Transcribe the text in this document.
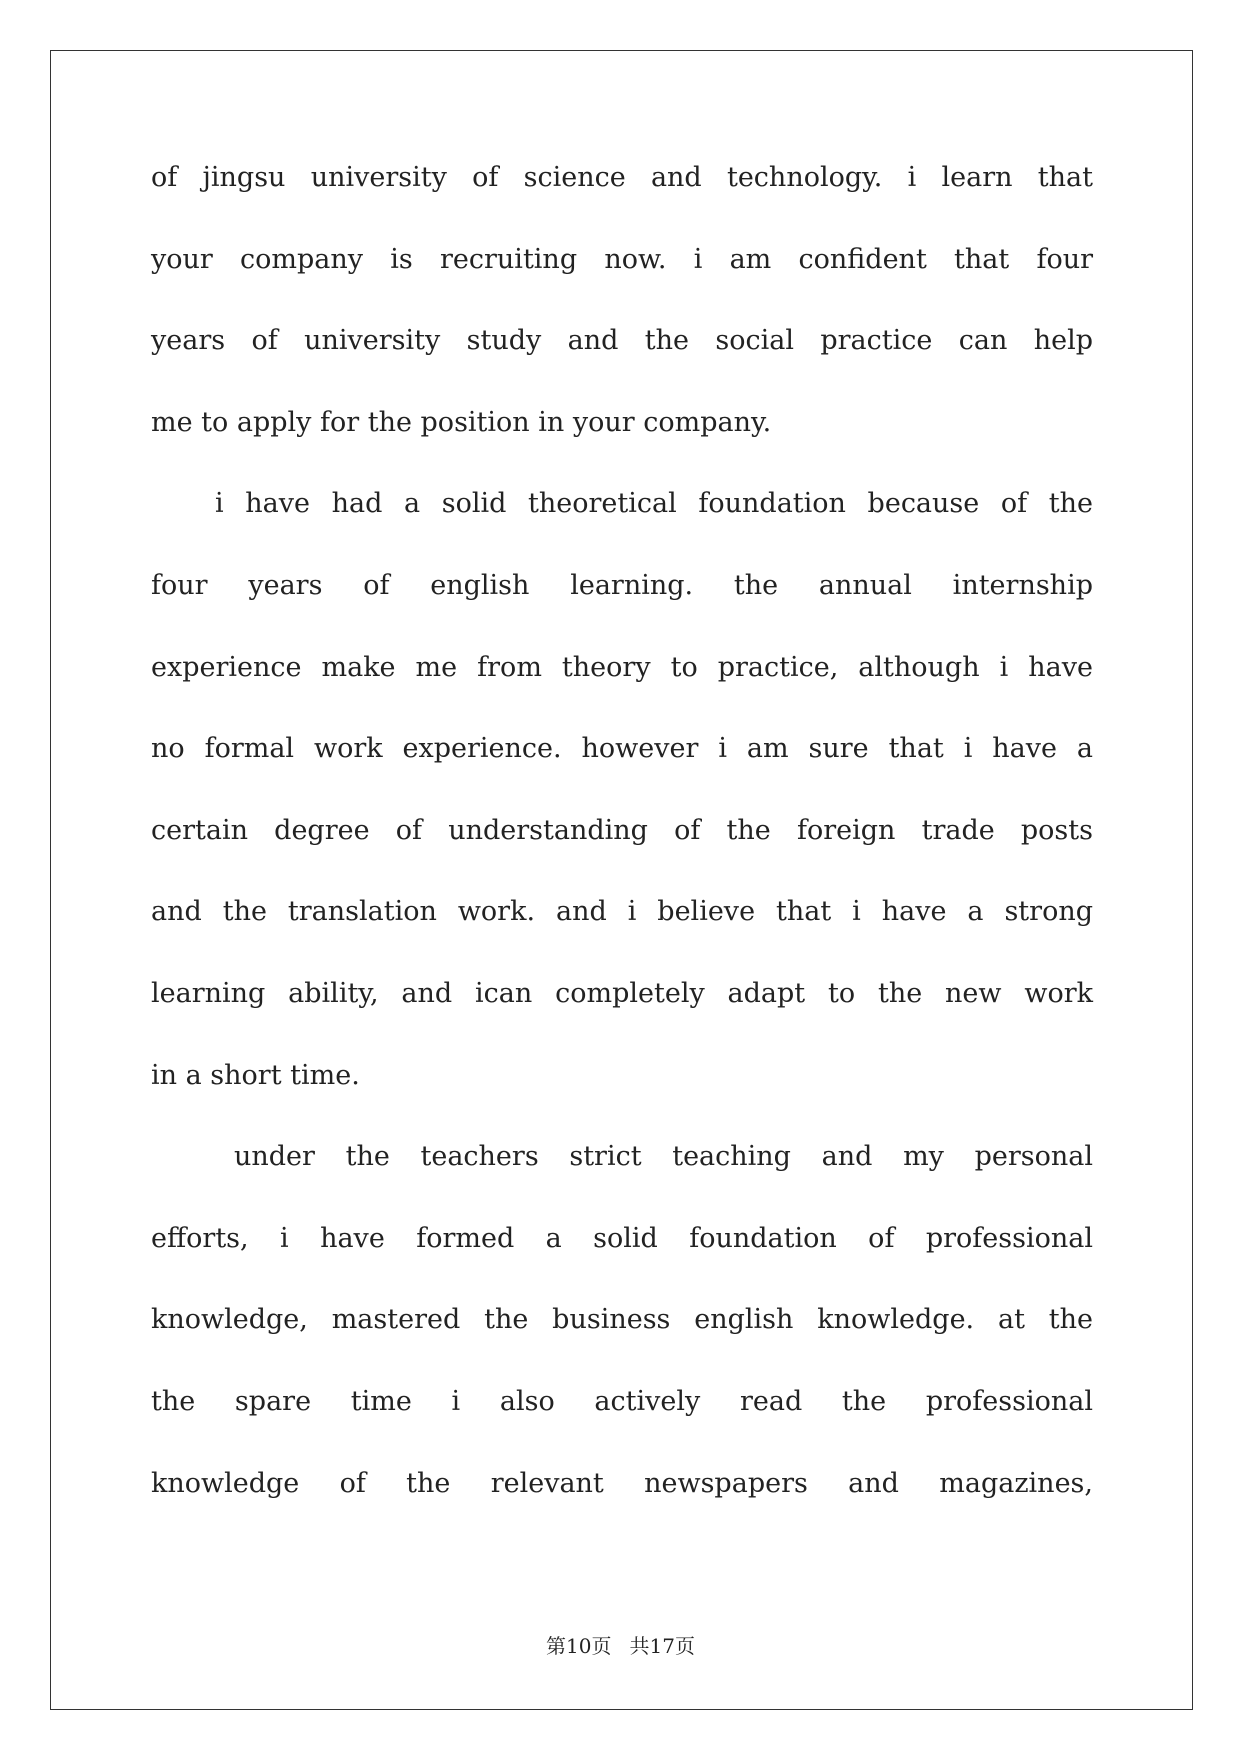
of jingsu university of science and technology. i learn that
your company is recruiting now. i am confident that four
years of university study and the social practice can help
me to apply for the position in your company.
i have had a solid theoretical foundation because of the
four years of english learning. the annual internship
experience make me from theory to practice, although i have
no formal work experience. however i am sure that i have a
certain degree of understanding of the foreign trade posts
and the translation work. and i believe that i have a strong
learning ability, and ican completely adapt to the new work
in a short time.
under the teachers strict teaching and my personal
efforts, i have formed a solid foundation of professional
knowledge, mastered the business english knowledge. at the
the spare time i also actively read the professional
knowledge of the relevant newspapers and magazines,
第10页 共17页
